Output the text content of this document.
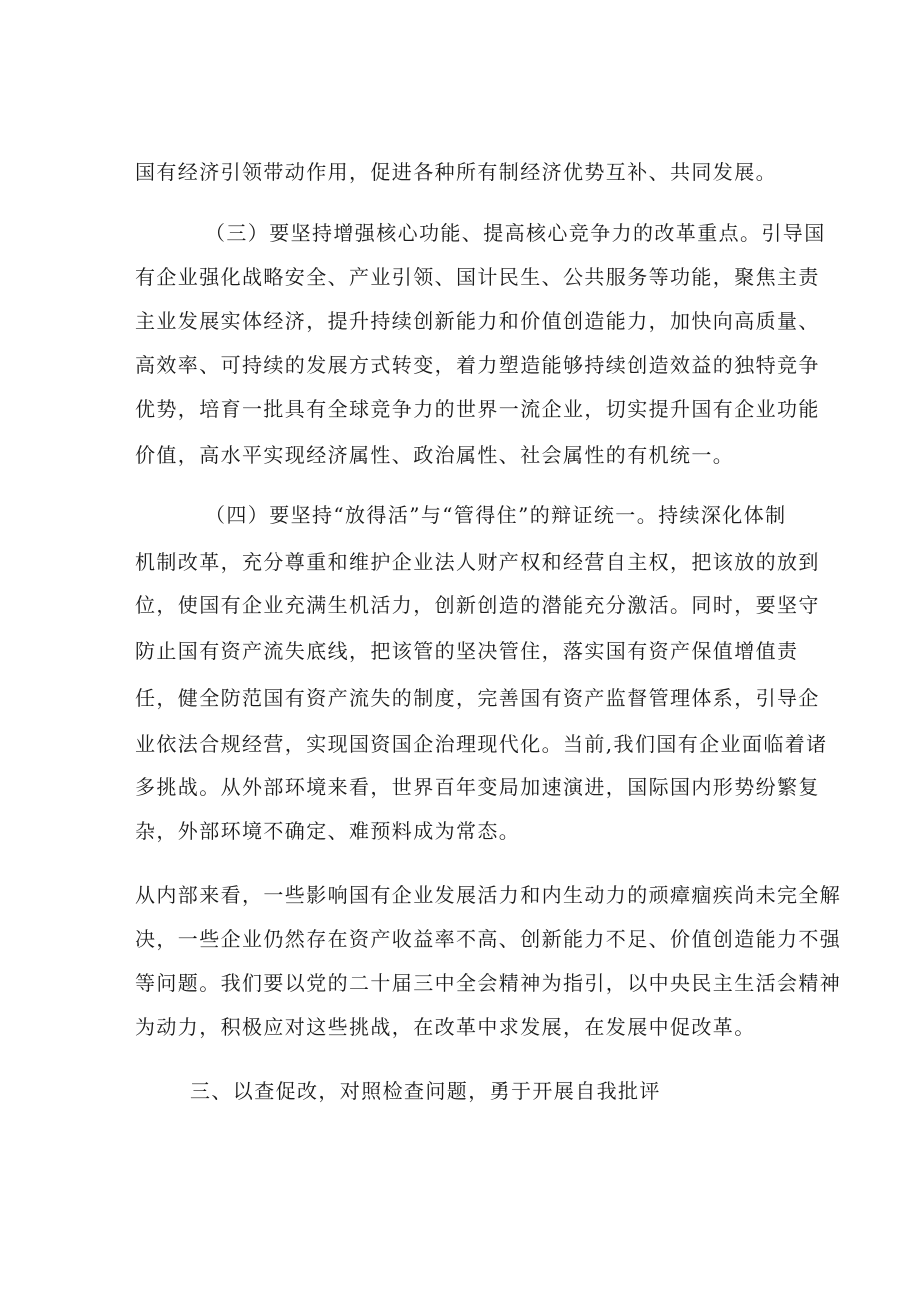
国有经济引领带动作用，促进各种所有制经济优势互补、共同发展。
（三）要坚持增强核心功能、提高核心竞争力的改革重点。引导国
有企业强化战略安全、产业引领、国计民生、公共服务等功能，聚焦主责
主业发展实体经济，提升持续创新能力和价值创造能力，加快向高质量、
高效率、可持续的发展方式转变，着力塑造能够持续创造效益的独特竞争
优势，培育一批具有全球竞争力的世界一流企业，切实提升国有企业功能
价值，高水平实现经济属性、政治属性、社会属性的有机统一。
（四）要坚持“放得活”与“管得住”的辩证统一。持续深化体制
机制改革，充分尊重和维护企业法人财产权和经营自主权，把该放的放到
位，使国有企业充满生机活力，创新创造的潜能充分激活。同时，要坚守
防止国有资产流失底线，把该管的坚决管住，落实国有资产保值增值责
任，健全防范国有资产流失的制度，完善国有资产监督管理体系，引导企
业依法合规经营，实现国资国企治理现代化。当前,我们国有企业面临着诸
多挑战。从外部环境来看，世界百年变局加速演进，国际国内形势纷繁复
杂，外部环境不确定、难预料成为常态。
从内部来看，一些影响国有企业发展活力和内生动力的顽瘴痼疾尚未完全解
决，一些企业仍然存在资产收益率不高、创新能力不足、价值创造能力不强
等问题。我们要以党的二十届三中全会精神为指引，以中央民主生活会精神
为动力，积极应对这些挑战，在改革中求发展，在发展中促改革。
三、以查促改，对照检查问题，勇于开展自我批评
